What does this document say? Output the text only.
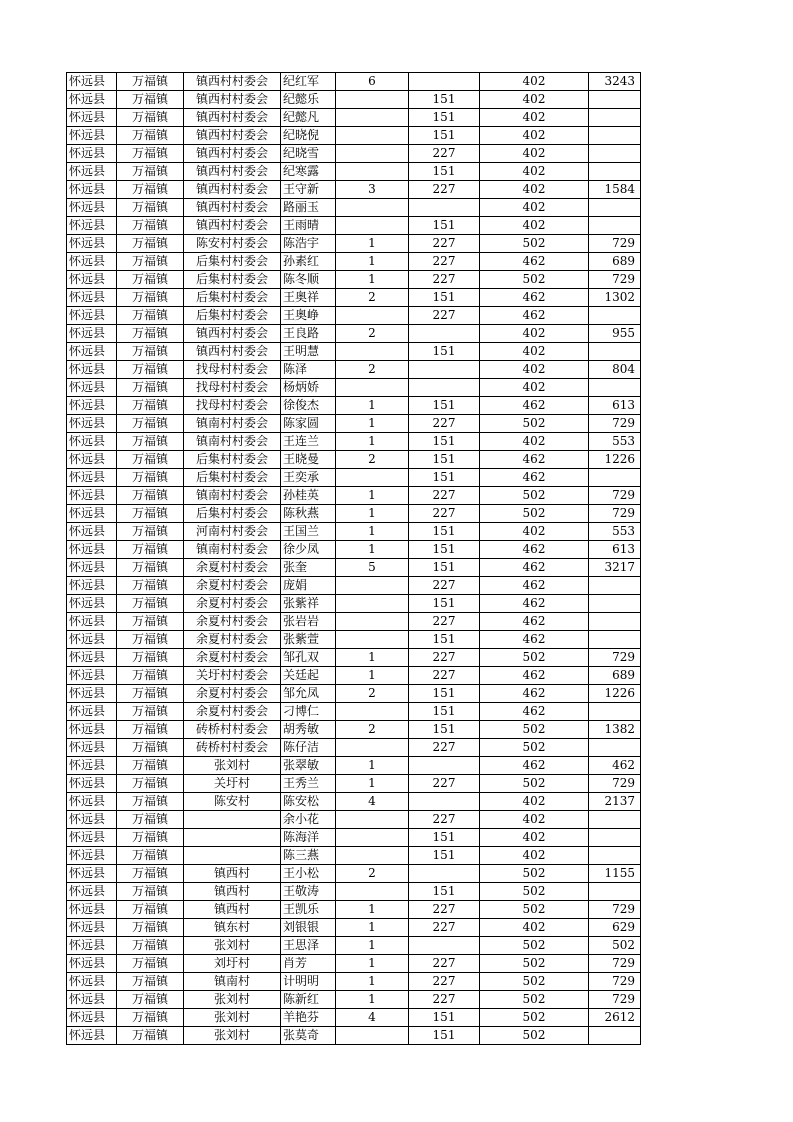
怀远县	万福镇	镇西村村委会	纪红军	6		402	3243
怀远县	万福镇	镇西村村委会	纪懿乐		151	402	
怀远县	万福镇	镇西村村委会	纪懿凡		151	402	
怀远县	万福镇	镇西村村委会	纪晓倪		151	402	
怀远县	万福镇	镇西村村委会	纪晓雪		227	402	
怀远县	万福镇	镇西村村委会	纪寒露		151	402	
怀远县	万福镇	镇西村村委会	王守新	3	227	402	1584
怀远县	万福镇	镇西村村委会	路丽玉			402	
怀远县	万福镇	镇西村村委会	王雨晴		151	402	
怀远县	万福镇	陈安村村委会	陈浩宇	1	227	502	729
怀远县	万福镇	后集村村委会	孙素红	1	227	462	689
怀远县	万福镇	后集村村委会	陈冬顺	1	227	502	729
怀远县	万福镇	后集村村委会	王奥祥	2	151	462	1302
怀远县	万福镇	后集村村委会	王奥峥		227	462	
怀远县	万福镇	镇西村村委会	王良路	2		402	955
怀远县	万福镇	镇西村村委会	王明慧		151	402	
怀远县	万福镇	找母村村委会	陈泽	2		402	804
怀远县	万福镇	找母村村委会	杨炳娇			402	
怀远县	万福镇	找母村村委会	徐俊杰	1	151	462	613
怀远县	万福镇	镇南村村委会	陈家圆	1	227	502	729
怀远县	万福镇	镇南村村委会	王连兰	1	151	402	553
怀远县	万福镇	后集村村委会	王晓曼	2	151	462	1226
怀远县	万福镇	后集村村委会	王奕承		151	462	
怀远县	万福镇	镇南村村委会	孙桂英	1	227	502	729
怀远县	万福镇	后集村村委会	陈秋燕	1	227	502	729
怀远县	万福镇	河南村村委会	王国兰	1	151	402	553
怀远县	万福镇	镇南村村委会	徐少凤	1	151	462	613
怀远县	万福镇	余夏村村委会	张奎	5	151	462	3217
怀远县	万福镇	余夏村村委会	庞娟		227	462	
怀远县	万福镇	余夏村村委会	张紫祥		151	462	
怀远县	万福镇	余夏村村委会	张岩岩		227	462	
怀远县	万福镇	余夏村村委会	张紫萱		151	462	
怀远县	万福镇	余夏村村委会	邹孔双	1	227	502	729
怀远县	万福镇	关圩村村委会	关廷起	1	227	462	689
怀远县	万福镇	余夏村村委会	邹允凤	2	151	462	1226
怀远县	万福镇	余夏村村委会	刁博仁		151	462	
怀远县	万福镇	砖桥村村委会	胡秀敏	2	151	502	1382
怀远县	万福镇	砖桥村村委会	陈仔洁		227	502	
怀远县	万福镇	张刘村	张翠敏	1		462	462
怀远县	万福镇	关圩村	王秀兰	1	227	502	729
怀远县	万福镇	陈安村	陈安松	4		402	2137
怀远县	万福镇		余小花		227	402	
怀远县	万福镇		陈海洋		151	402	
怀远县	万福镇		陈三燕		151	402	
怀远县	万福镇	镇西村	王小松	2		502	1155
怀远县	万福镇	镇西村	王敬涛		151	502	
怀远县	万福镇	镇西村	王凯乐	1	227	502	729
怀远县	万福镇	镇东村	刘银银	1	227	402	629
怀远县	万福镇	张刘村	王思泽	1		502	502
怀远县	万福镇	刘圩村	肖芳	1	227	502	729
怀远县	万福镇	镇南村	计明明	1	227	502	729
怀远县	万福镇	张刘村	陈新红	1	227	502	729
怀远县	万福镇	张刘村	羊艳芬	4	151	502	2612
怀远县	万福镇	张刘村	张莫奇		151	502	
